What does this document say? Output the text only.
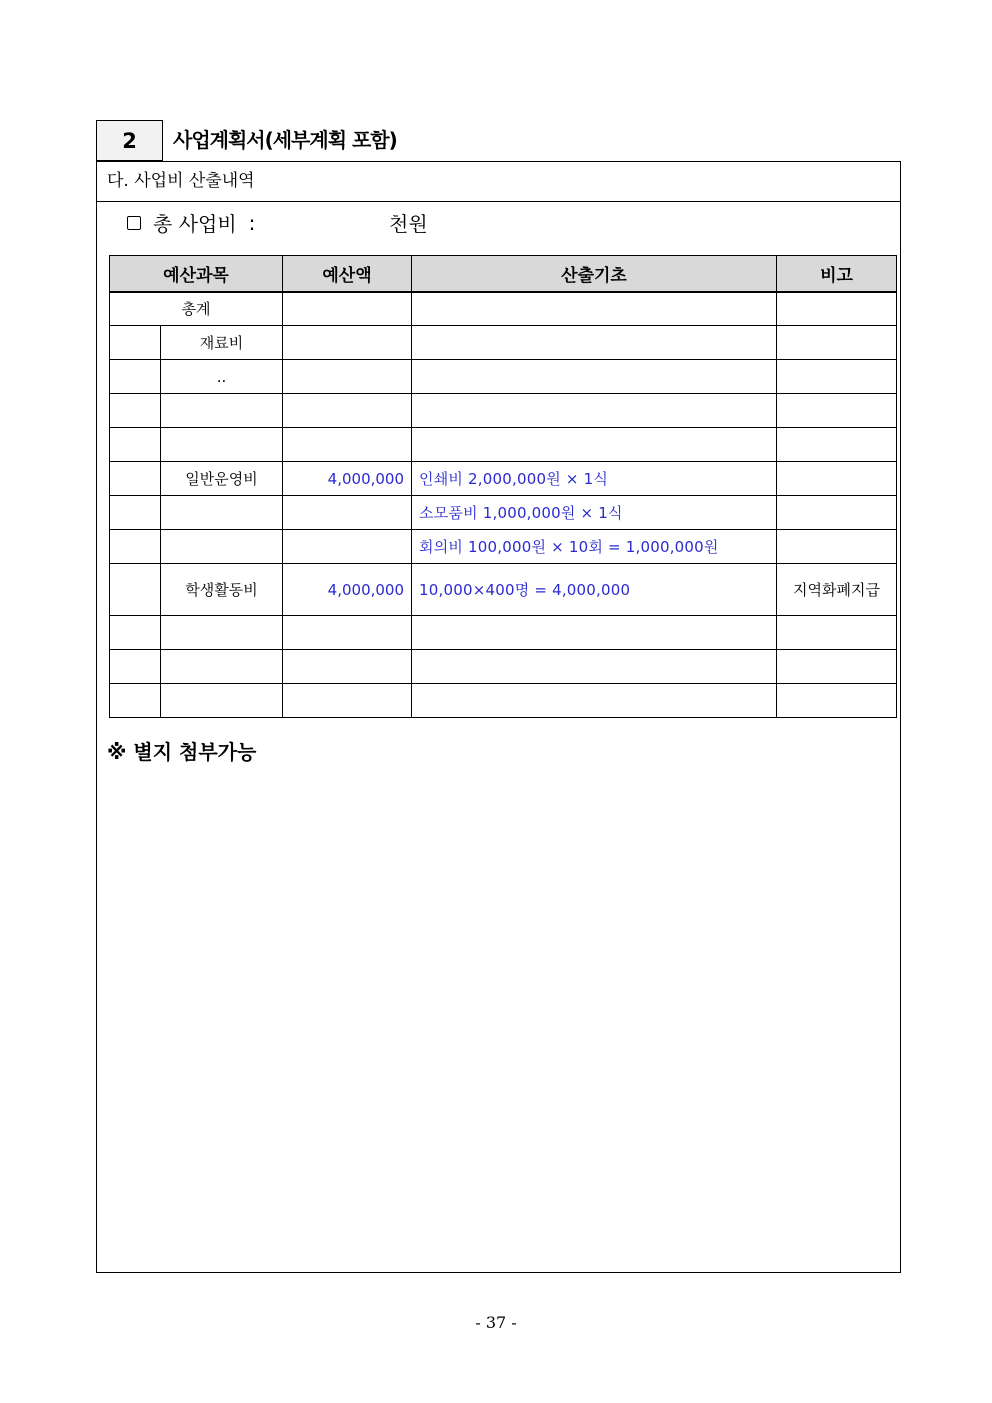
2	사업계획서(세부계획 포함)
다. 사업비 산출내역
총 사업비 :	천원
예산과목		예산액	산출기초	비고
총계				
	재료비			
	..			

	일반운영비	4,000,000	인쇄비 2,000,000원 × 1식	
			소모품비 1,000,000원 × 1식	
			회의비 100,000원 × 10회 = 1,000,000원	
	학생활동비	4,000,000	10,000×400명 = 4,000,000	지역화폐지급

※ 별지 첨부가능
- 37 -
